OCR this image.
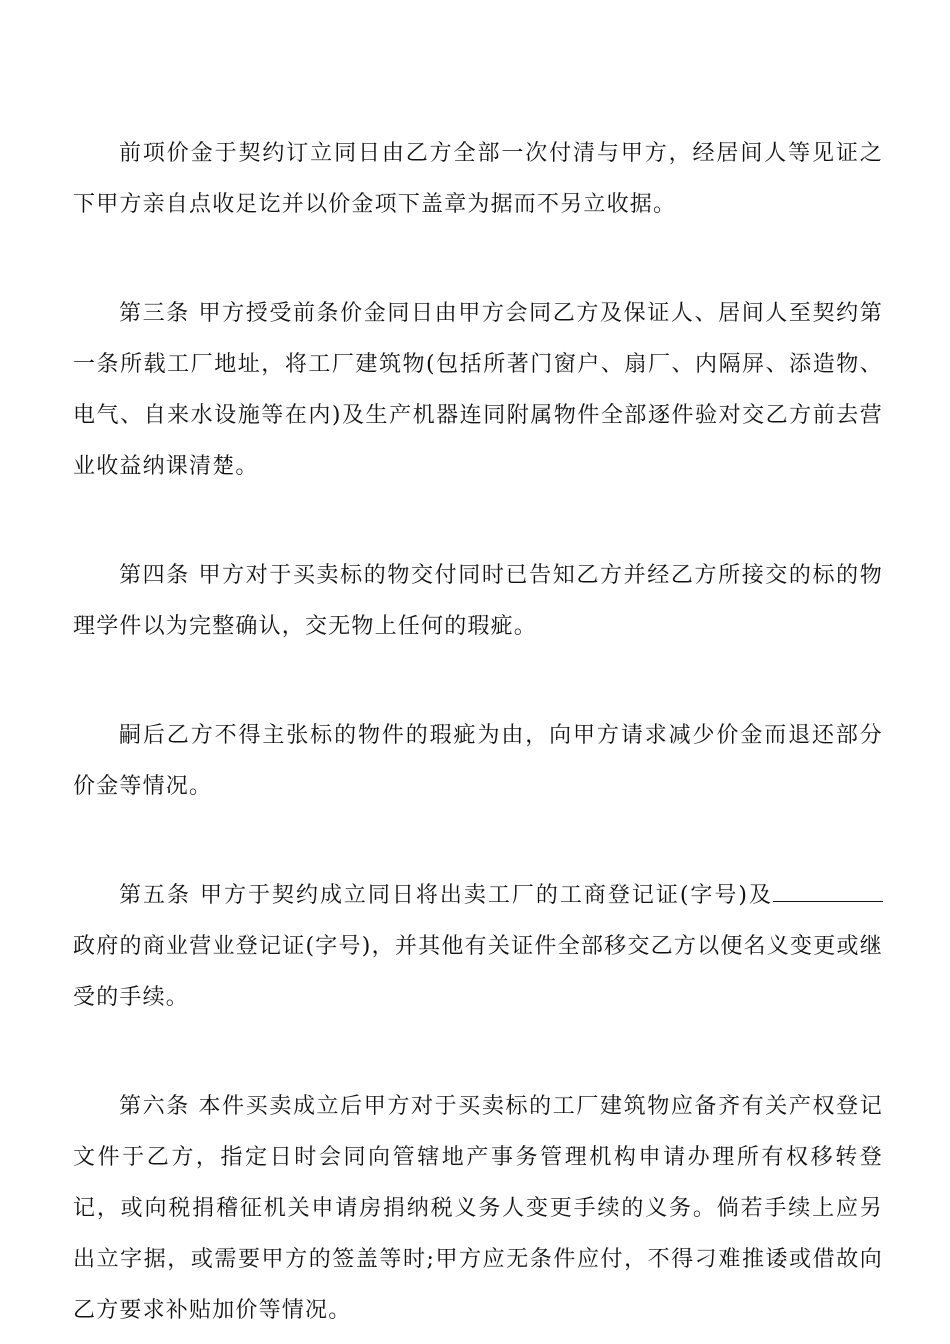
前项价金于契约订立同日由乙方全部一次付清与甲方，经居间人等见证之下甲方亲自点收足讫并以价金项下盖章为据而不另立收据。

第三条 甲方授受前条价金同日由甲方会同乙方及保证人、居间人至契约第一条所载工厂地址，将工厂建筑物(包括所著门窗户、扇厂、内隔屏、添造物、电气、自来水设施等在内)及生产机器连同附属物件全部逐件验对交乙方前去营业收益纳课清楚。

第四条 甲方对于买卖标的物交付同时已告知乙方并经乙方所接交的标的物理学件以为完整确认，交无物上任何的瑕疵。

嗣后乙方不得主张标的物件的瑕疵为由，向甲方请求减少价金而退还部分价金等情况。

第五条 甲方于契约成立同日将出卖工厂的工商登记证(字号)及政府的商业营业登记证(字号)，并其他有关证件全部移交乙方以便名义变更或继受的手续。

第六条 本件买卖成立后甲方对于买卖标的工厂建筑物应备齐有关产权登记文件于乙方，指定日时会同向管辖地产事务管理机构申请办理所有权移转登记，或向税捐稽征机关申请房捐纳税义务人变更手续的义务。倘若手续上应另出立字据，或需要甲方的签盖等时;甲方应无条件应付，不得刁难推诿或借故向乙方要求补贴加价等情况。
